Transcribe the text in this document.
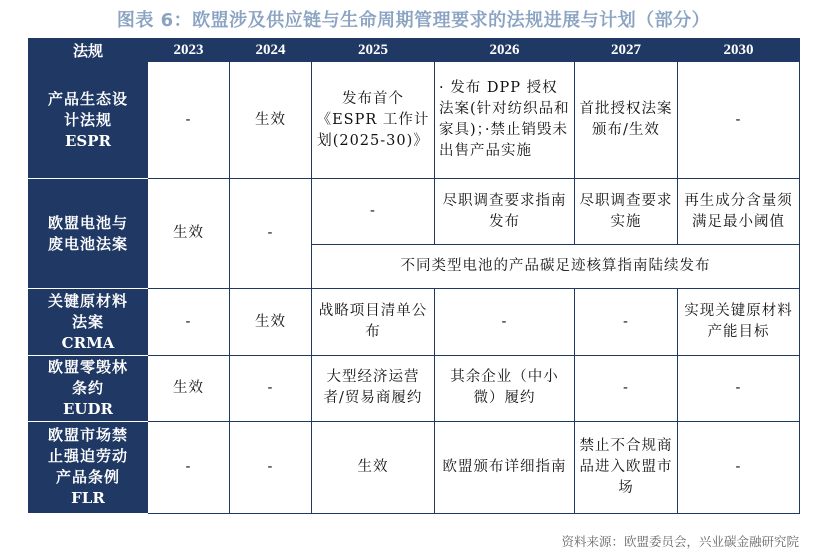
图表 6：欧盟涉及供应链与生命周期管理要求的法规进展与计划（部分）
法规	2023	2024	2025	2026	2027	2030

产品生态设
计法规
ESPR	-	生效	发布首个《ESPR 工作计划(2025-30)》	· 发布 DPP 授权法案(针对纺织品和家具)；·禁止销毁未出售产品实施	首批授权法案颁布/生效	-

欧盟电池与
废电池法案	生效	-	-	尽职调查要求指南发布	尽职调查要求实施	再生成分含量须满足最小阈值
			不同类型电池的产品碳足迹核算指南陆续发布			

关键原材料
法案
CRMA	-	生效	战略项目清单公布	-	-	实现关键原材料产能目标

欧盟零毁林
条约
EUDR	生效	-	大型经济运营者/贸易商履约	其余企业（中小微）履约	-	-

欧盟市场禁
止强迫劳动
产品条例
FLR	-	-	生效	欧盟颁布详细指南	禁止不合规商品进入欧盟市场	-
资料来源：欧盟委员会，兴业碳金融研究院
